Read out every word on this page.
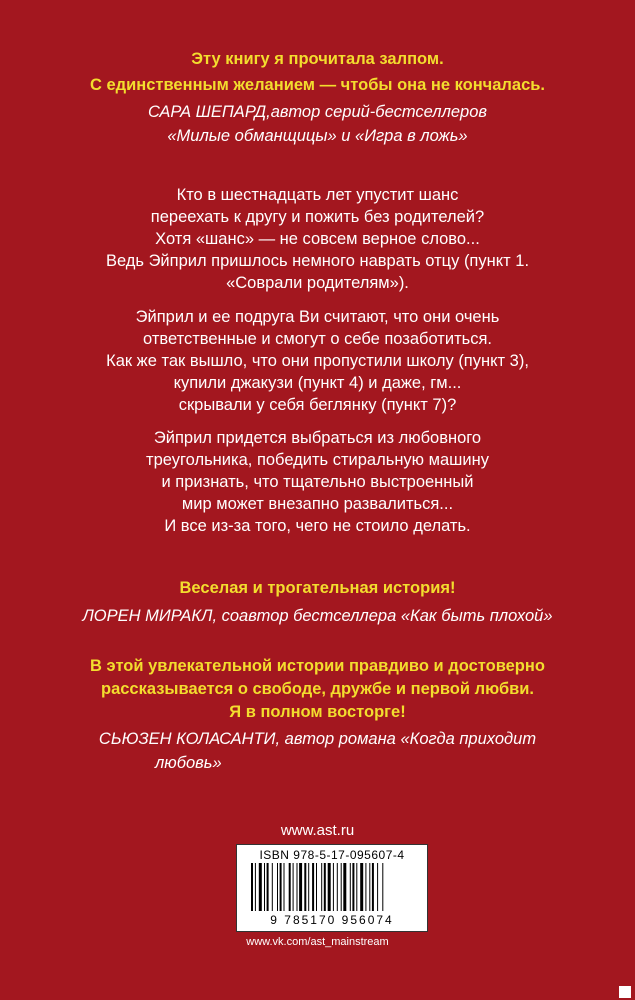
Эту книгу я прочитала залпом.
С единственным желанием — чтобы она не кончалась.
САРА ШЕПАРД,автор серий-бестселлеров
«Милые обманщицы» и «Игра в ложь»
Кто в шестнадцать лет упустит шанс
переехать к другу и пожить без родителей?
Хотя «шанс» — не совсем верное слово...
Ведь Эйприл пришлось немного наврать отцу (пункт 1.
«Соврали родителям»).
Эйприл и ее подруга Ви считают, что они очень
ответственные и смогут о себе позаботиться.
Как же так вышло, что они пропустили школу (пункт 3),
купили джакузи (пункт 4) и даже, гм...
скрывали у себя беглянку (пункт 7)?
Эйприл придется выбраться из любовного
треугольника, победить стиральную машину
и признать, что тщательно выстроенный
мир может внезапно развалиться...
И все из-за того, чего не стоило делать.
Веселая и трогательная история!
ЛОРЕН МИРАКЛ, соавтор бестселлера «Как быть плохой»
В этой увлекательной истории правдиво и достоверно
рассказывается о свободе, дружбе и первой любви.
Я в полном восторге!
СЬЮЗЕН КОЛАСАНТИ, автор романа «Когда приходит
любовь»
www.ast.ru
ISBN 978-5-17-095607-4
9 785170 956074
www.vk.com/ast_mainstream
